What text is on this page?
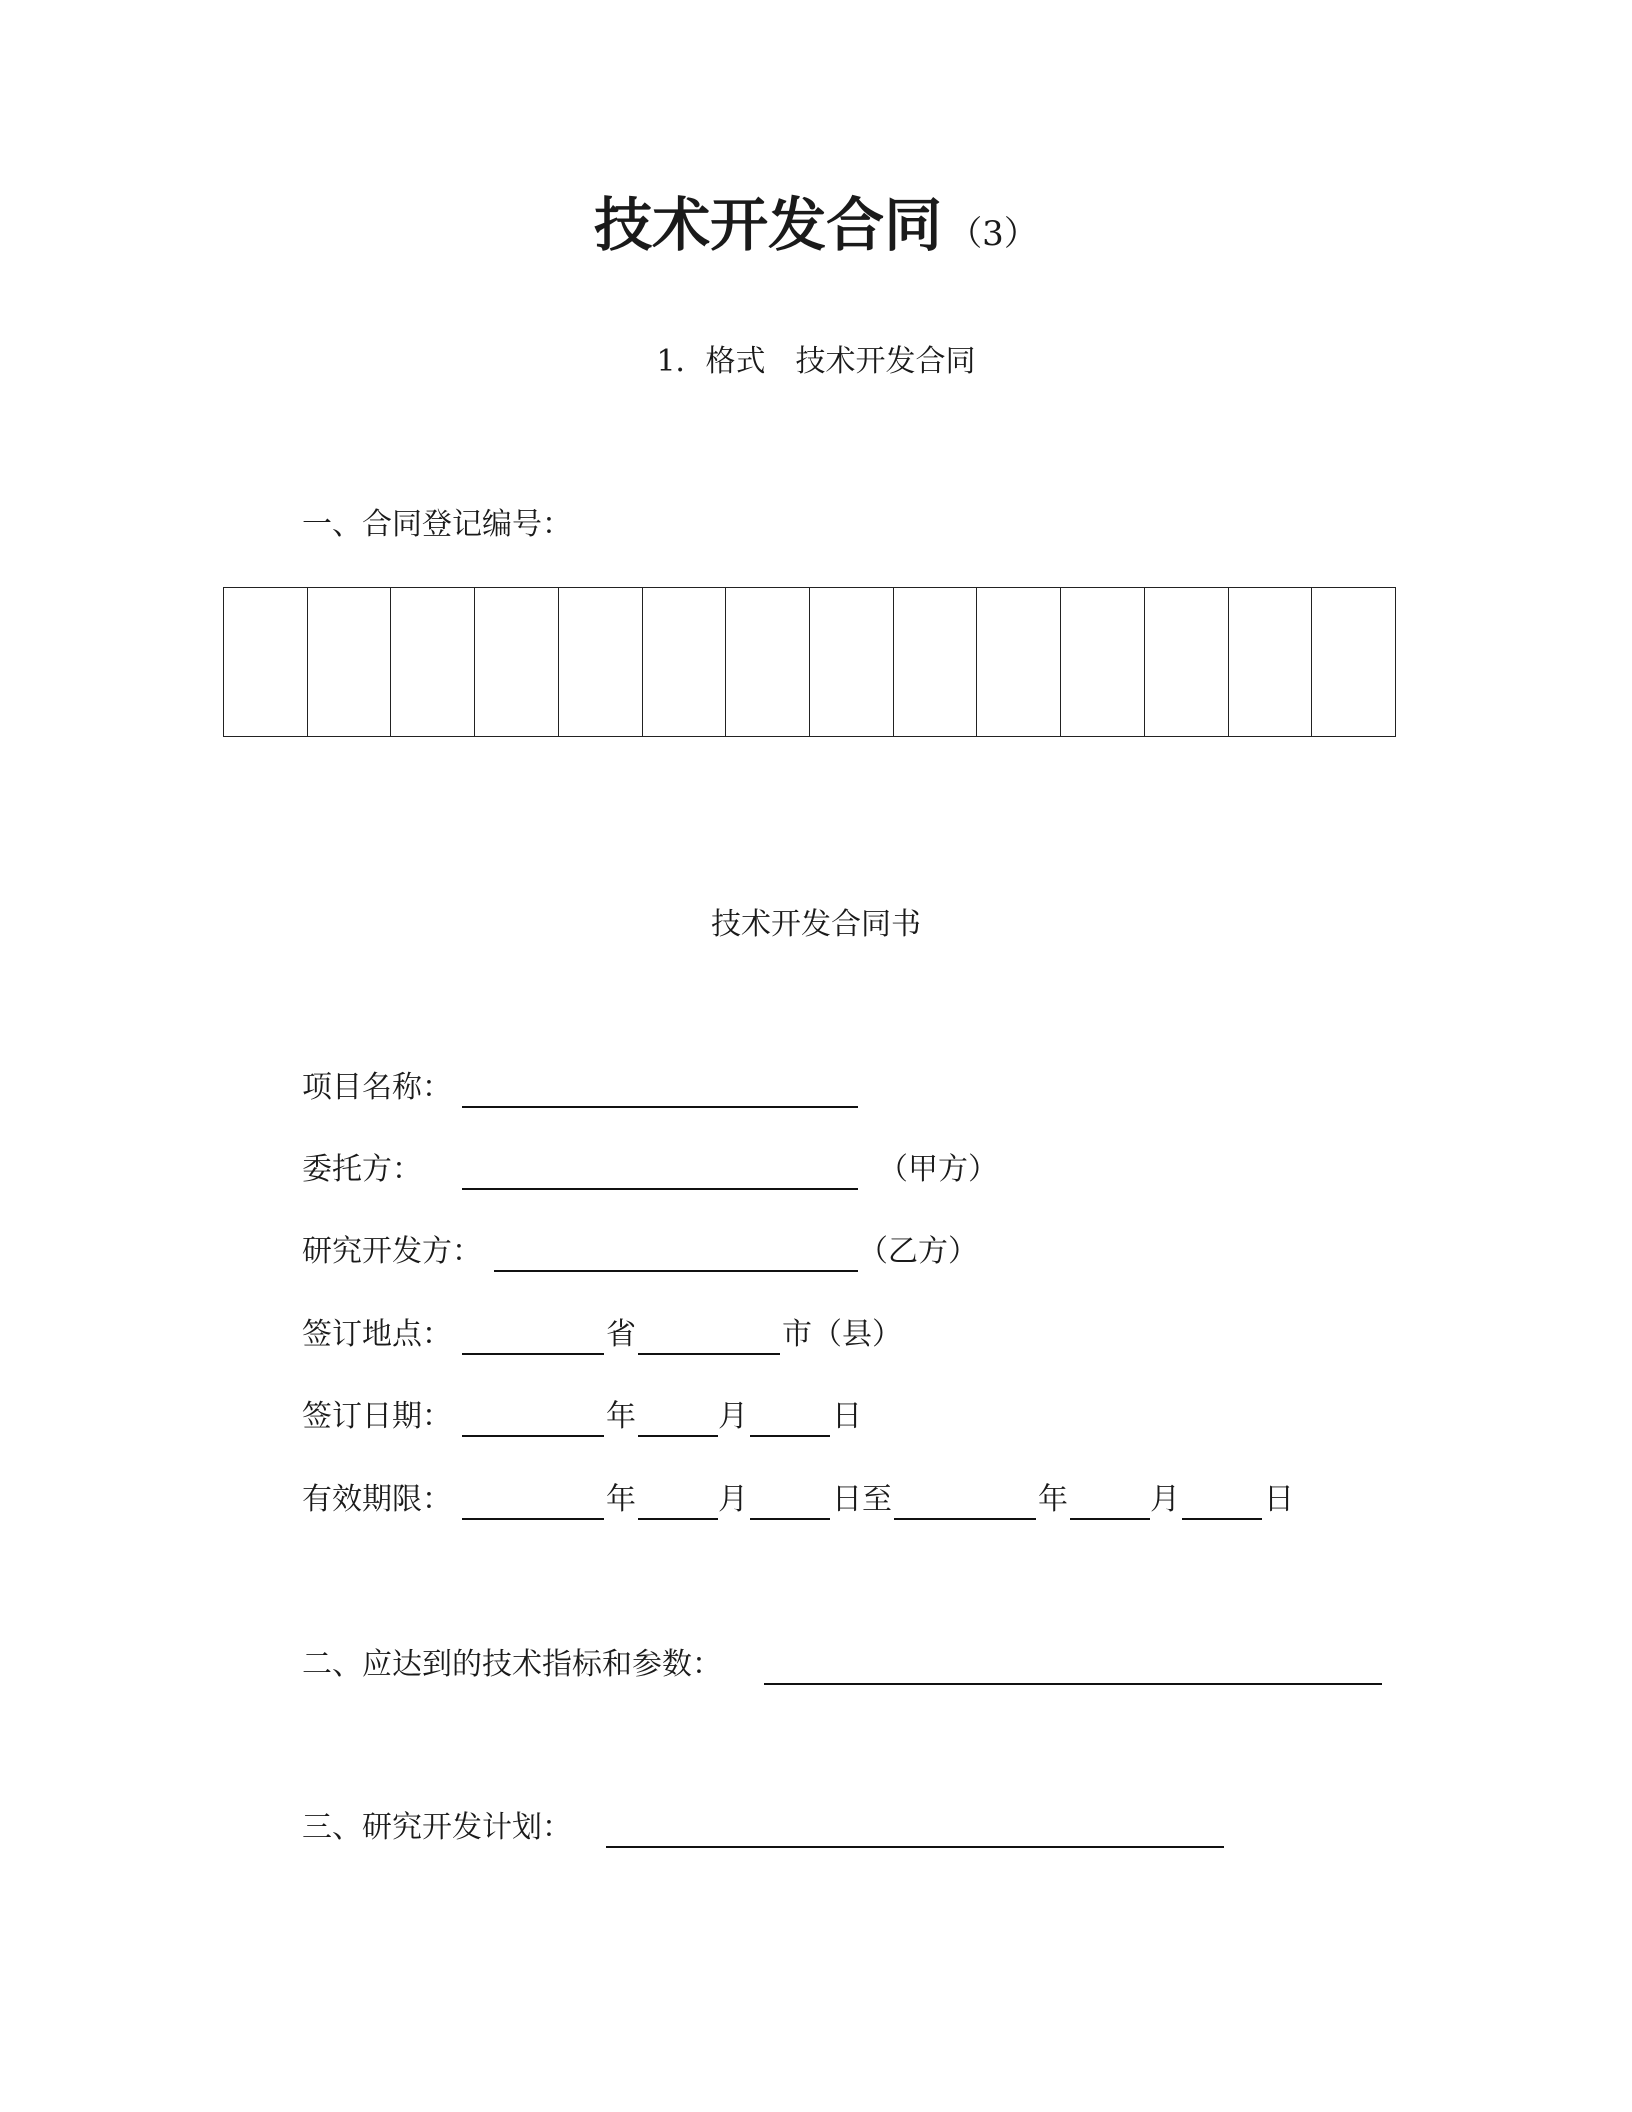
技术开发合同 （3）
1．格式　技术开发合同
一、合同登记编号：
技术开发合同书
项目名称：
委托方：	（甲方）
研究开发方：	（乙方）
签订地点：	省	市（县）
签订日期：	年	月	日
有效期限：	年	月	日至	年	月	日
二、应达到的技术指标和参数：
三、研究开发计划：
